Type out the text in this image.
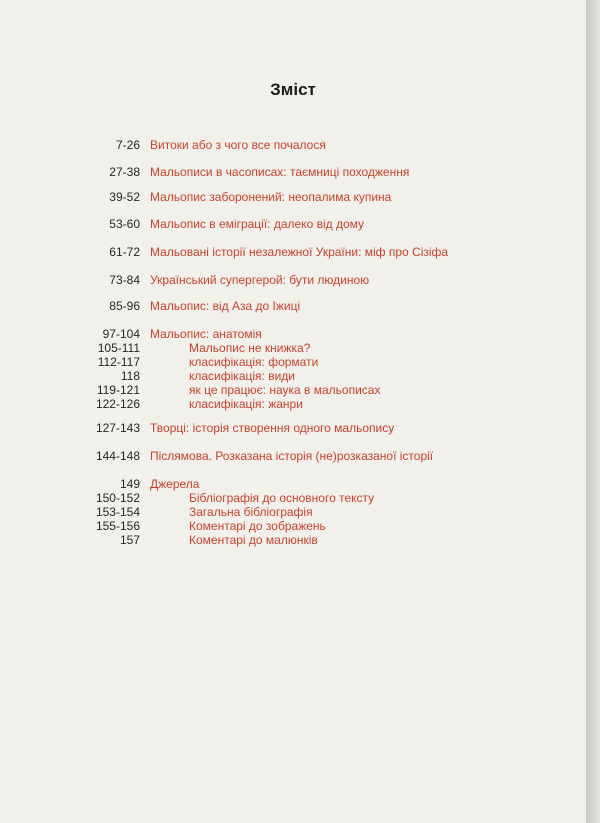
Зміст
7-26 Витоки або з чого все почалося
27-38 Мальописи в часописах: таємниці походження
39-52 Мальопис заборонений: неопалима купина
53-60 Мальопис в еміграції: далеко від дому
61-72 Мальовані історії незалежної України: міф про Сізіфа
73-84 Український супергерой: бути людиною
85-96 Мальопис: від Аза до Іжиці
97-104 Мальопис: анатомія
105-111	Мальопис не книжка?
112-117	класифікація: формати
118	класифікація: види
119-121	як це працює: наука в мальописах
122-126	класифікація: жанри
127-143 Творці: історія створення одного мальопису
144-148 Післямова. Розказана історія (не)розказаної історії
149 Джерела
150-152	Бібліографія до основного тексту
153-154	Загальна бібліографія
155-156	Коментарі до зображень
157	Коментарі до малюнків
